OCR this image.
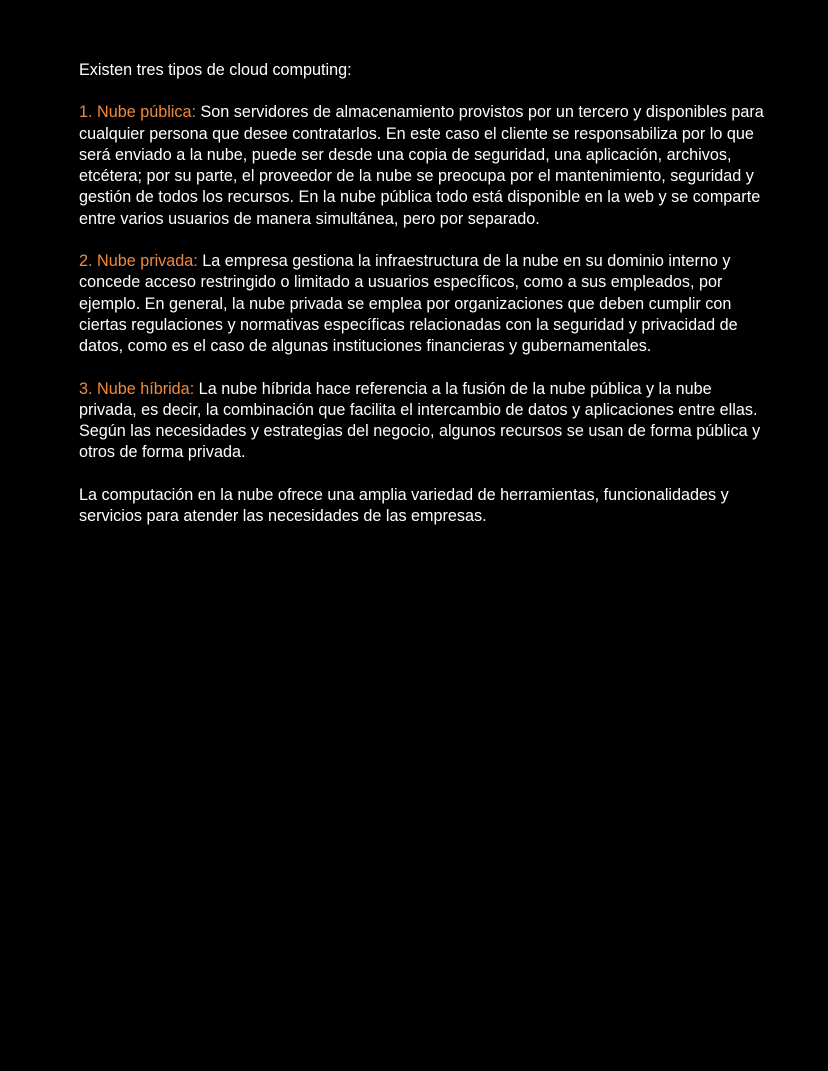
Existen tres tipos de cloud computing:

1. Nube pública: Son servidores de almacenamiento provistos por un tercero y disponibles para cualquier persona que desee contratarlos. En este caso el cliente se responsabiliza por lo que será enviado a la nube, puede ser desde una copia de seguridad, una aplicación, archivos, etcétera; por su parte, el proveedor de la nube se preocupa por el mantenimiento, seguridad y gestión de todos los recursos. En la nube pública todo está disponible en la web y se comparte entre varios usuarios de manera simultánea, pero por separado.

2. Nube privada: La empresa gestiona la infraestructura de la nube en su dominio interno y concede acceso restringido o limitado a usuarios específicos, como a sus empleados, por ejemplo. En general, la nube privada se emplea por organizaciones que deben cumplir con ciertas regulaciones y normativas específicas relacionadas con la seguridad y privacidad de datos, como es el caso de algunas instituciones financieras y gubernamentales.

3. Nube híbrida: La nube híbrida hace referencia a la fusión de la nube pública y la nube privada, es decir, la combinación que facilita el intercambio de datos y aplicaciones entre ellas. Según las necesidades y estrategias del negocio, algunos recursos se usan de forma pública y otros de forma privada.

La computación en la nube ofrece una amplia variedad de herramientas, funcionalidades y servicios para atender las necesidades de las empresas.
